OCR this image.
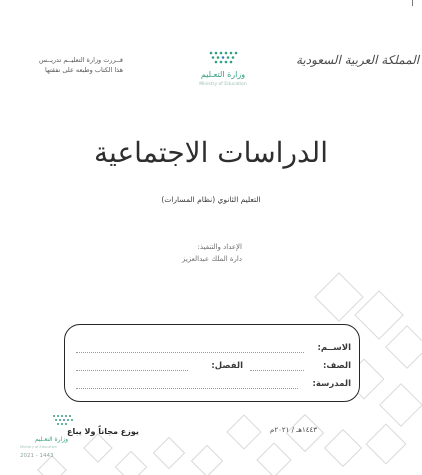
المملكة العربية السعودية
وزارة التعـليم
Ministry of Education
قــررت وزارة التعليــم تدريــس
هذا الكتاب وطبعه على نفقتها
الدراسات الاجتماعية
التعليم الثانوي (نظام المسارات)
الإعداد والتنفيذ:
دارة الملك عبدالعزيز
الاســم:
الصف:
الفصل:
المدرسة:
يوزع مجاناً ولا يباع	١٤٤٣هـ / ٢٠٢١م
وزارة التعـليم
Ministry of Education
2021 - 1443
